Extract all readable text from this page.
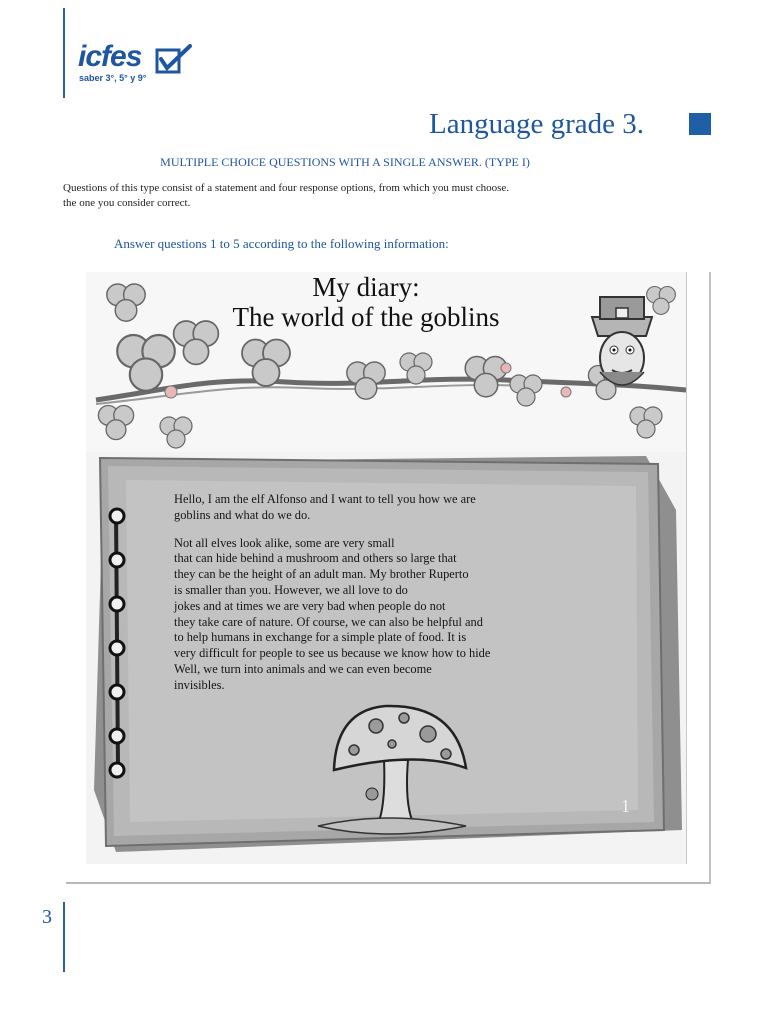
icfes
saber 3°, 5° y 9°
Language grade 3.
MULTIPLE CHOICE QUESTIONS WITH A SINGLE ANSWER. (TYPE I)
Questions of this type consist of a statement and four response options, from which you must choose.
the one you consider correct.
Answer questions 1 to 5 according to the following information:
My diary:
The world of the goblins

Hello, I am the elf Alfonso and I want to tell you how we are
goblins and what do we do.

Not all elves look alike, some are very small
that can hide behind a mushroom and others so large that
they can be the height of an adult man. My brother Ruperto
is smaller than you. However, we all love to do
jokes and at times we are very bad when people do not
they take care of nature. Of course, we can also be helpful and
to help humans in exchange for a simple plate of food. It is
very difficult for people to see us because we know how to hide
Well, we turn into animals and we can even become
invisibles.

1
3
